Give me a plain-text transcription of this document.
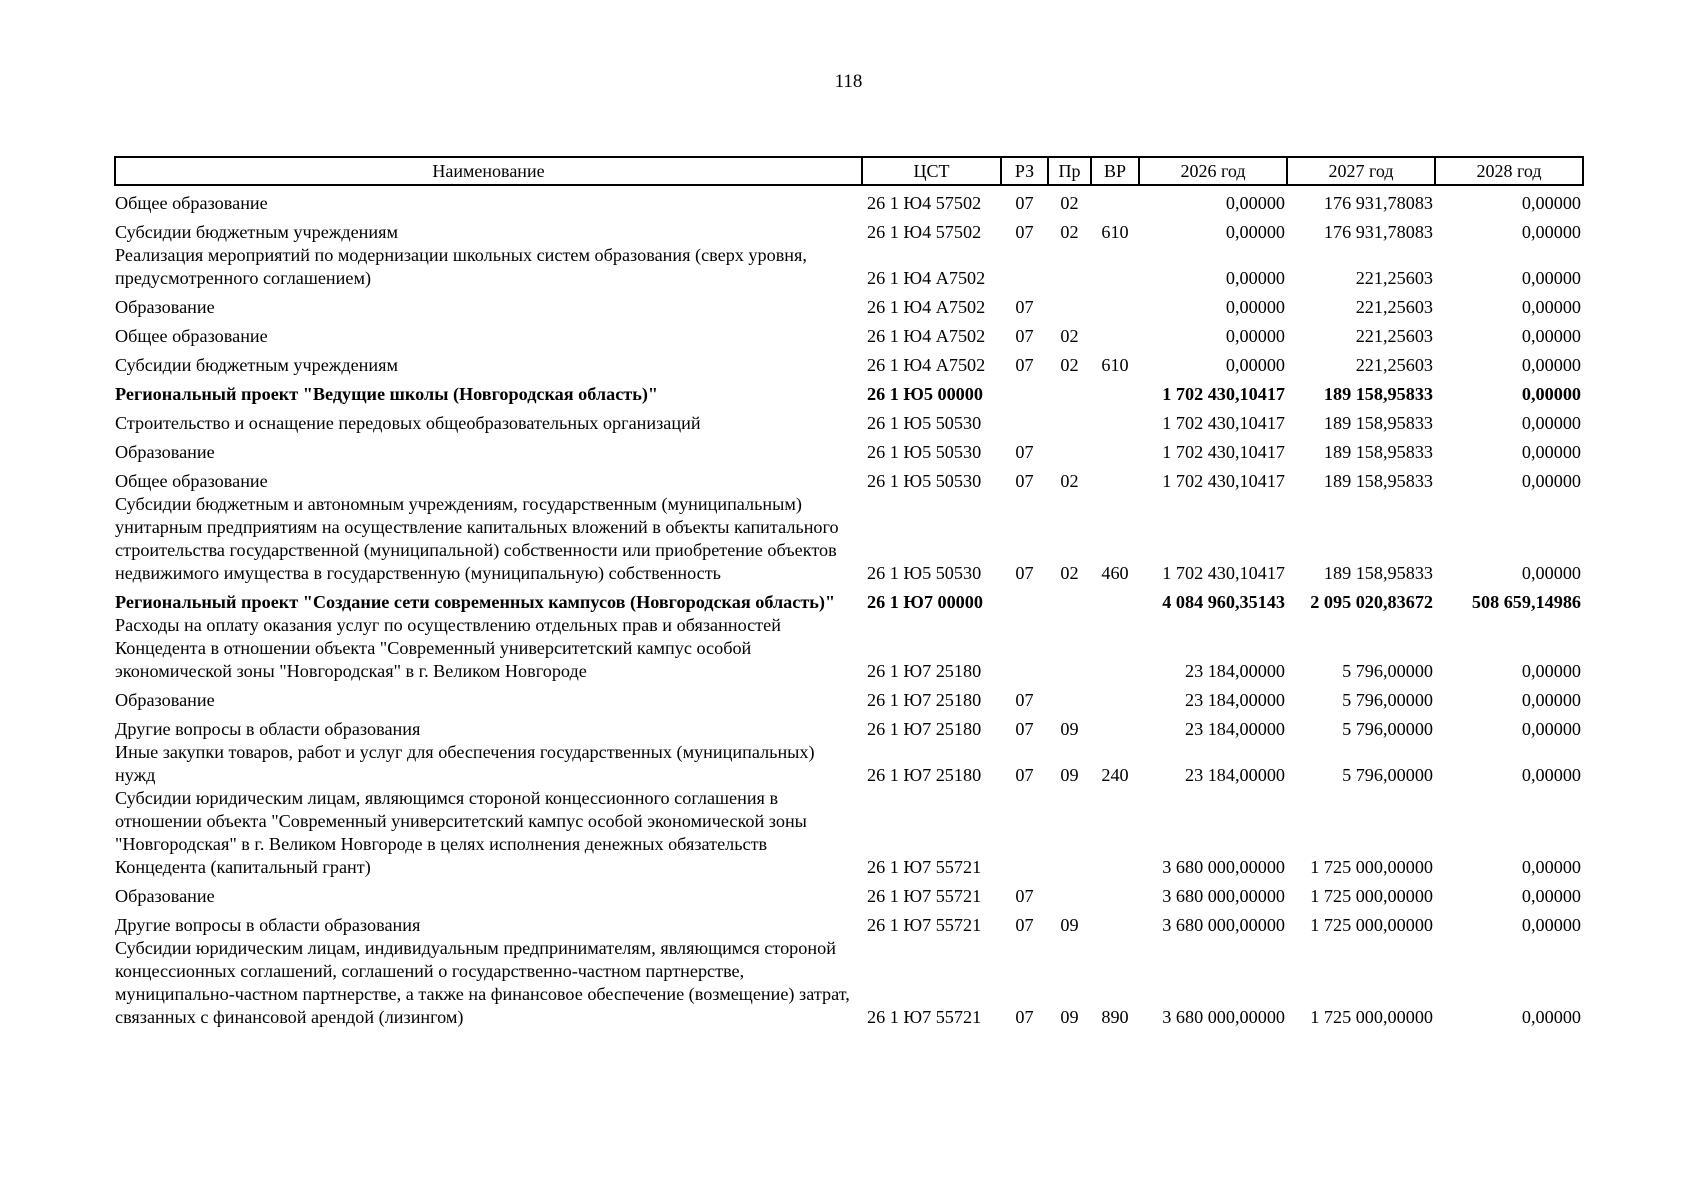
118
Наименование	ЦСТ	РЗ	Пр	ВР	2026 год	2027 год	2028 год
Общее образование	26 1 Ю4 57502	07	02		0,00000	176 931,78083	0,00000
Субсидии бюджетным учреждениям	26 1 Ю4 57502	07	02	610	0,00000	176 931,78083	0,00000
Реализация мероприятий по модернизации школьных систем образования (сверх уровня, предусмотренного соглашением)	26 1 Ю4 А7502				0,00000	221,25603	0,00000
Образование	26 1 Ю4 А7502	07			0,00000	221,25603	0,00000
Общее образование	26 1 Ю4 А7502	07	02		0,00000	221,25603	0,00000
Субсидии бюджетным учреждениям	26 1 Ю4 А7502	07	02	610	0,00000	221,25603	0,00000
Региональный проект "Ведущие школы (Новгородская область)"	26 1 Ю5 00000				1 702 430,10417	189 158,95833	0,00000
Строительство и оснащение передовых общеобразовательных организаций	26 1 Ю5 50530				1 702 430,10417	189 158,95833	0,00000
Образование	26 1 Ю5 50530	07			1 702 430,10417	189 158,95833	0,00000
Общее образование	26 1 Ю5 50530	07	02		1 702 430,10417	189 158,95833	0,00000
Субсидии бюджетным и автономным учреждениям, государственным (муниципальным) унитарным предприятиям на осуществление капитальных вложений в объекты капитального строительства государственной (муниципальной) собственности или приобретение объектов недвижимого имущества в государственную (муниципальную) собственность	26 1 Ю5 50530	07	02	460	1 702 430,10417	189 158,95833	0,00000
Региональный проект "Создание сети современных кампусов (Новгородская область)"	26 1 Ю7 00000				4 084 960,35143	2 095 020,83672	508 659,14986
Расходы на оплату оказания услуг по осуществлению отдельных прав и обязанностей Концедента в отношении объекта "Современный университетский кампус особой экономической зоны "Новгородская" в г. Великом Новгороде	26 1 Ю7 25180				23 184,00000	5 796,00000	0,00000
Образование	26 1 Ю7 25180	07			23 184,00000	5 796,00000	0,00000
Другие вопросы в области образования	26 1 Ю7 25180	07	09		23 184,00000	5 796,00000	0,00000
Иные закупки товаров, работ и услуг для обеспечения государственных (муниципальных) нужд	26 1 Ю7 25180	07	09	240	23 184,00000	5 796,00000	0,00000
Субсидии юридическим лицам, являющимся стороной концессионного соглашения в отношении объекта "Современный университетский кампус особой экономической зоны "Новгородская" в г. Великом Новгороде в целях исполнения денежных обязательств Концедента (капитальный грант)	26 1 Ю7 55721				3 680 000,00000	1 725 000,00000	0,00000
Образование	26 1 Ю7 55721	07			3 680 000,00000	1 725 000,00000	0,00000
Другие вопросы в области образования	26 1 Ю7 55721	07	09		3 680 000,00000	1 725 000,00000	0,00000
Субсидии юридическим лицам, индивидуальным предпринимателям, являющимся стороной концессионных соглашений, соглашений о государственно-частном партнерстве, муниципально-частном партнерстве, а также на финансовое обеспечение (возмещение) затрат, связанных с финансовой арендой (лизингом)	26 1 Ю7 55721	07	09	890	3 680 000,00000	1 725 000,00000	0,00000
